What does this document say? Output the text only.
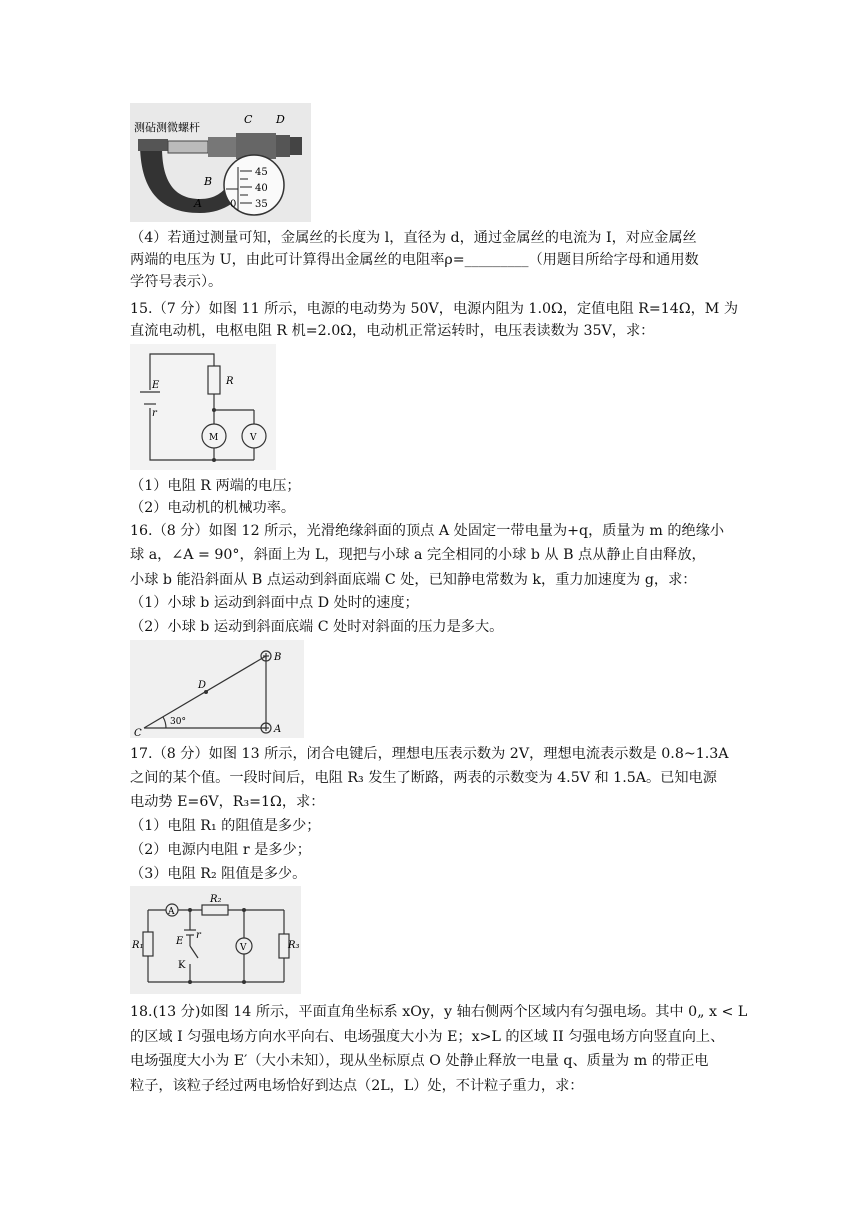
测砧测微螺杆
C D
B
A	0
45
40
35
R
E
r
M	V
B
D
C	A
30°
A
R₂
R₁	E
r
K
V	R₃
（4）若通过测量可知，金属丝的长度为 l，直径为 d，通过金属丝的电流为 I，对应金属丝
两端的电压为 U，由此可计算得出金属丝的电阻率ρ=_________（用题目所给字母和通用数
学符号表示）。
15.（7 分）如图 11 所示，电源的电动势为 50V，电源内阻为 1.0Ω，定值电阻 R=14Ω，M 为
直流电动机，电枢电阻 R 机=2.0Ω，电动机正常运转时，电压表读数为 35V，求：
（1）电阻 R 两端的电压；
（2）电动机的机械功率。
16.（8 分）如图 12 所示，光滑绝缘斜面的顶点 A 处固定一带电量为+q，质量为 m 的绝缘小
球 a，∠A = 90°，斜面上为 L，现把与小球 a 完全相同的小球 b 从 B 点从静止自由释放，
小球 b 能沿斜面从 B 点运动到斜面底端 C 处，已知静电常数为 k，重力加速度为 g，求：
（1）小球 b 运动到斜面中点 D 处时的速度；
（2）小球 b 运动到斜面底端 C 处时对斜面的压力是多大。
17.（8 分）如图 13 所示，闭合电键后，理想电压表示数为 2V，理想电流表示数是 0.8~1.3A
之间的某个值。一段时间后，电阻 R₃ 发生了断路，两表的示数变为 4.5V 和 1.5A。已知电源
电动势 E=6V，R₃=1Ω，求：
（1）电阻 R₁ 的阻值是多少；
（2）电源内电阻 r 是多少；
（3）电阻 R₂ 阻值是多少。
18.(13 分)如图 14 所示，平面直角坐标系 xOy，y 轴右侧两个区域内有匀强电场。其中 0„ x < L
的区域 I 匀强电场方向水平向右、电场强度大小为 E；x>L 的区域 II 匀强电场方向竖直向上、
电场强度大小为 E′（大小未知），现从坐标原点 O 处静止释放一电量 q、质量为 m 的带正电
粒子，该粒子经过两电场恰好到达点（2L，L）处，不计粒子重力，求：
